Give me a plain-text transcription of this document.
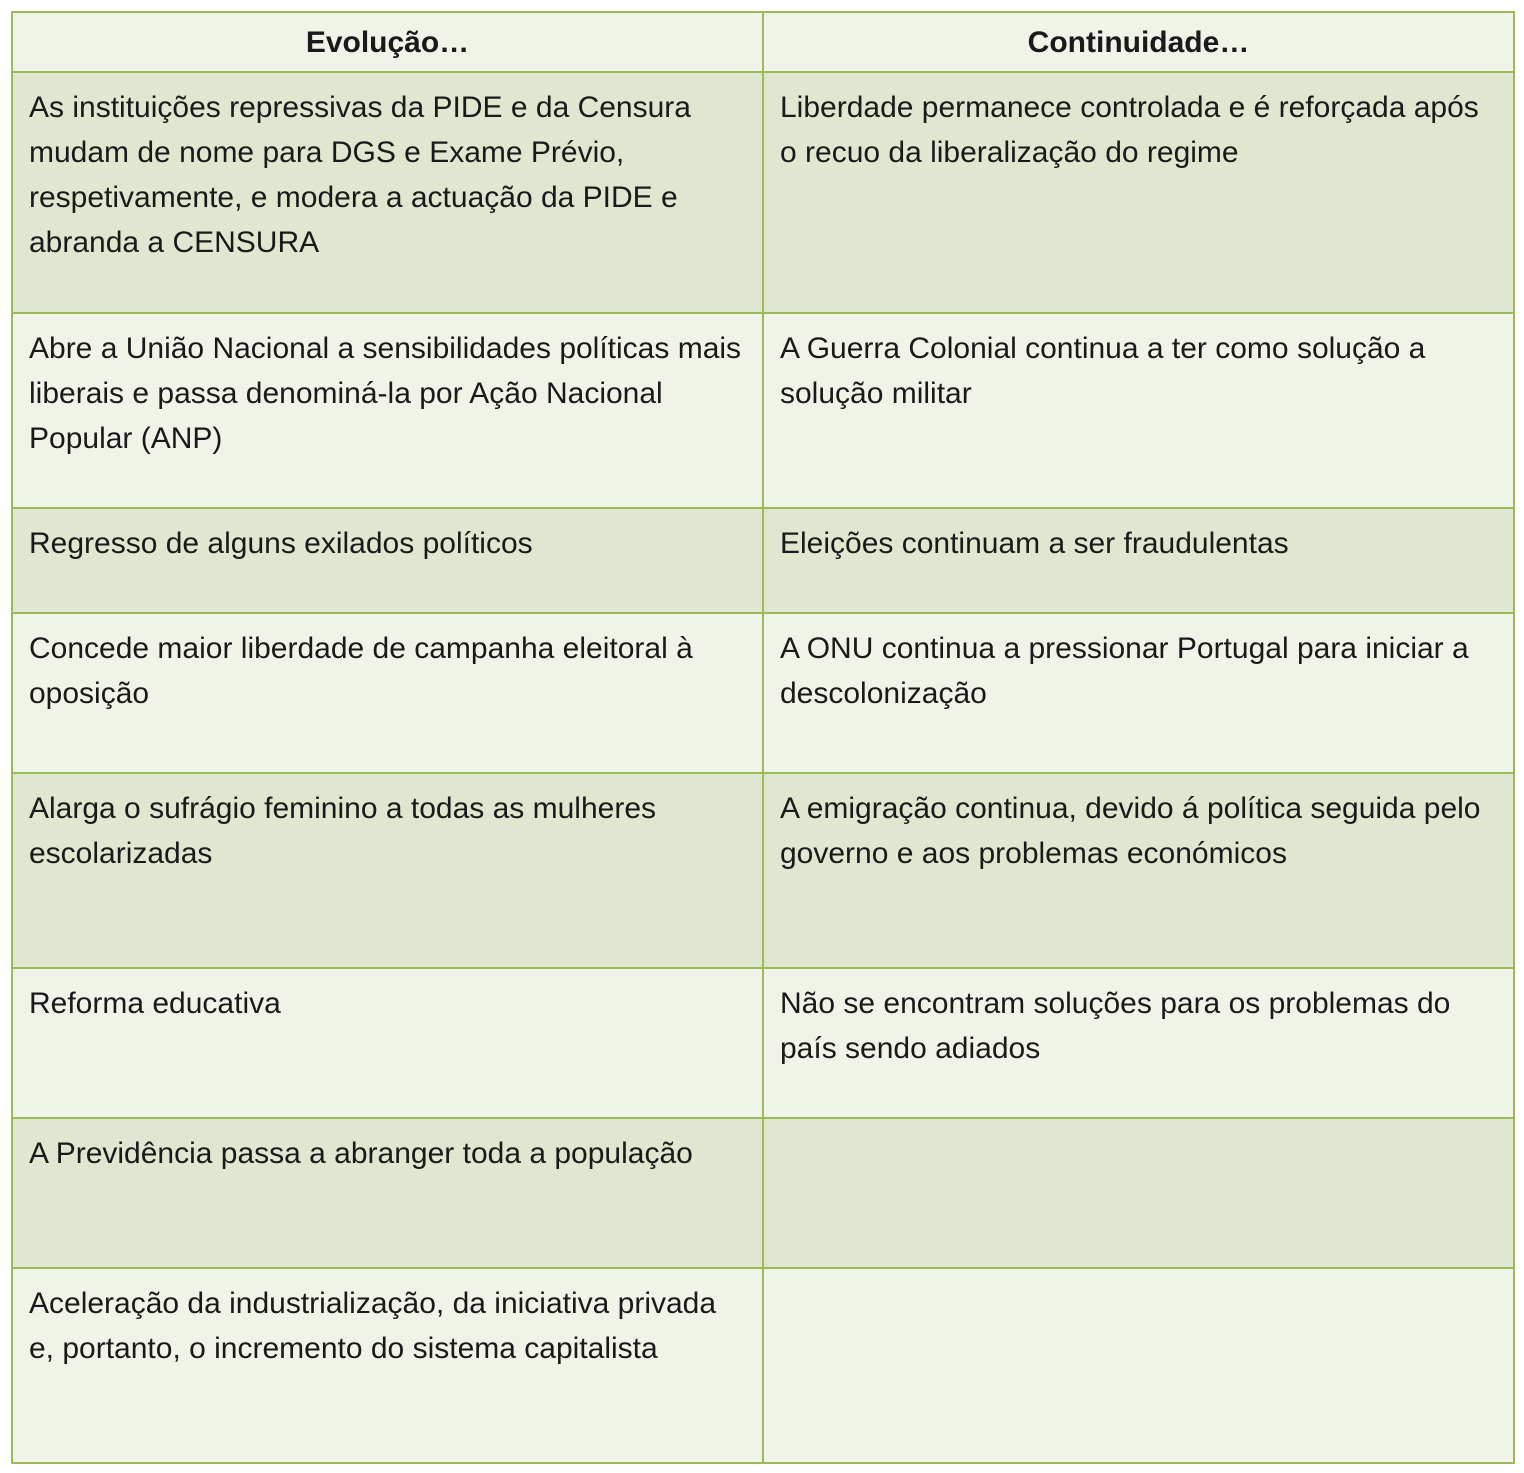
Evolução…	Continuidade…
As instituições repressivas da PIDE e da Censura mudam de nome para DGS e Exame Prévio, respetivamente, e modera a actuação da PIDE e abranda a CENSURA	Liberdade permanece controlada e é reforçada após o recuo da liberalização do regime
Abre a União Nacional a sensibilidades políticas mais liberais e passa denominá-la por Ação Nacional Popular (ANP)	A Guerra Colonial continua a ter como solução a solução militar
Regresso de alguns exilados políticos	Eleições continuam a ser fraudulentas
Concede maior liberdade de campanha eleitoral à oposição	A ONU continua a pressionar Portugal para iniciar a descolonização
Alarga o sufrágio feminino a todas as mulheres escolarizadas	A emigração continua, devido á política seguida pelo governo e aos problemas económicos
Reforma educativa	Não se encontram soluções para os problemas do país sendo adiados
A Previdência passa a abranger toda a população	
Aceleração da industrialização, da iniciativa privada e, portanto, o incremento do sistema capitalista	
